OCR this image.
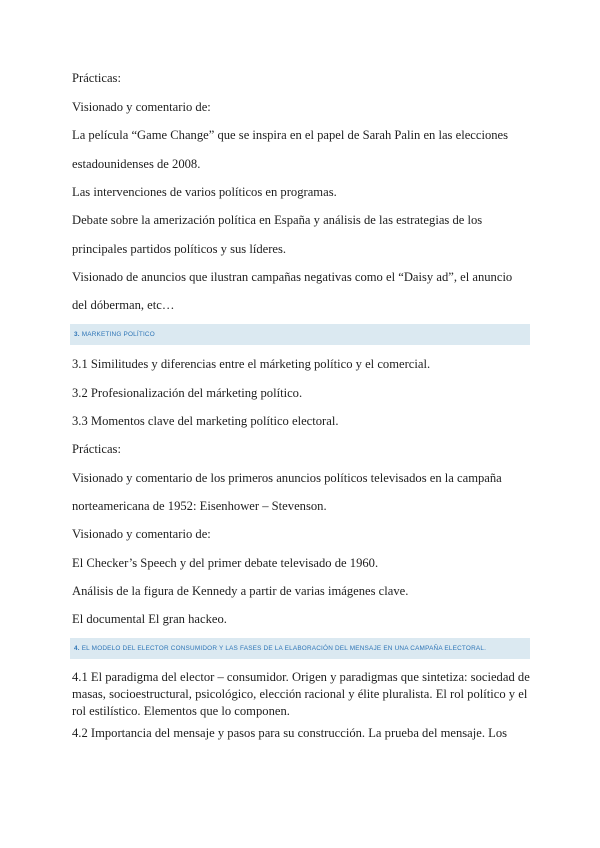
Prácticas:
Visionado y comentario de:
La película “Game Change” que se inspira en el papel de Sarah Palin en las elecciones
estadounidenses de 2008.
Las intervenciones de varios políticos en programas.
Debate sobre la amerización política en España y análisis de las estrategias de los
principales partidos políticos y sus líderes.
Visionado de anuncios que ilustran campañas negativas como el “Daisy ad”, el anuncio
del dóberman, etc…
3. MARKETING POLÍTICO
3.1 Similitudes y diferencias entre el márketing político y el comercial.
3.2 Profesionalización del márketing político.
3.3 Momentos clave del marketing político electoral.
Prácticas:
Visionado y comentario de los primeros anuncios políticos televisados en la campaña
norteamericana de 1952: Eisenhower – Stevenson.
Visionado y comentario de:
El Checker’s Speech y del primer debate televisado de 1960.
Análisis de la figura de Kennedy a partir de varias imágenes clave.
El documental El gran hackeo.
4. EL MODELO DEL ELECTOR CONSUMIDOR Y LAS FASES DE LA ELABORACIÓN DEL MENSAJE EN UNA CAMPAÑA ELECTORAL.
4.1 El paradigma del elector – consumidor. Origen y paradigmas que sintetiza: sociedad de masas, socioestructural, psicológico, elección racional y élite pluralista. El rol político y el rol estilístico. Elementos que lo componen.
4.2 Importancia del mensaje y pasos para su construcción. La prueba del mensaje. Los
